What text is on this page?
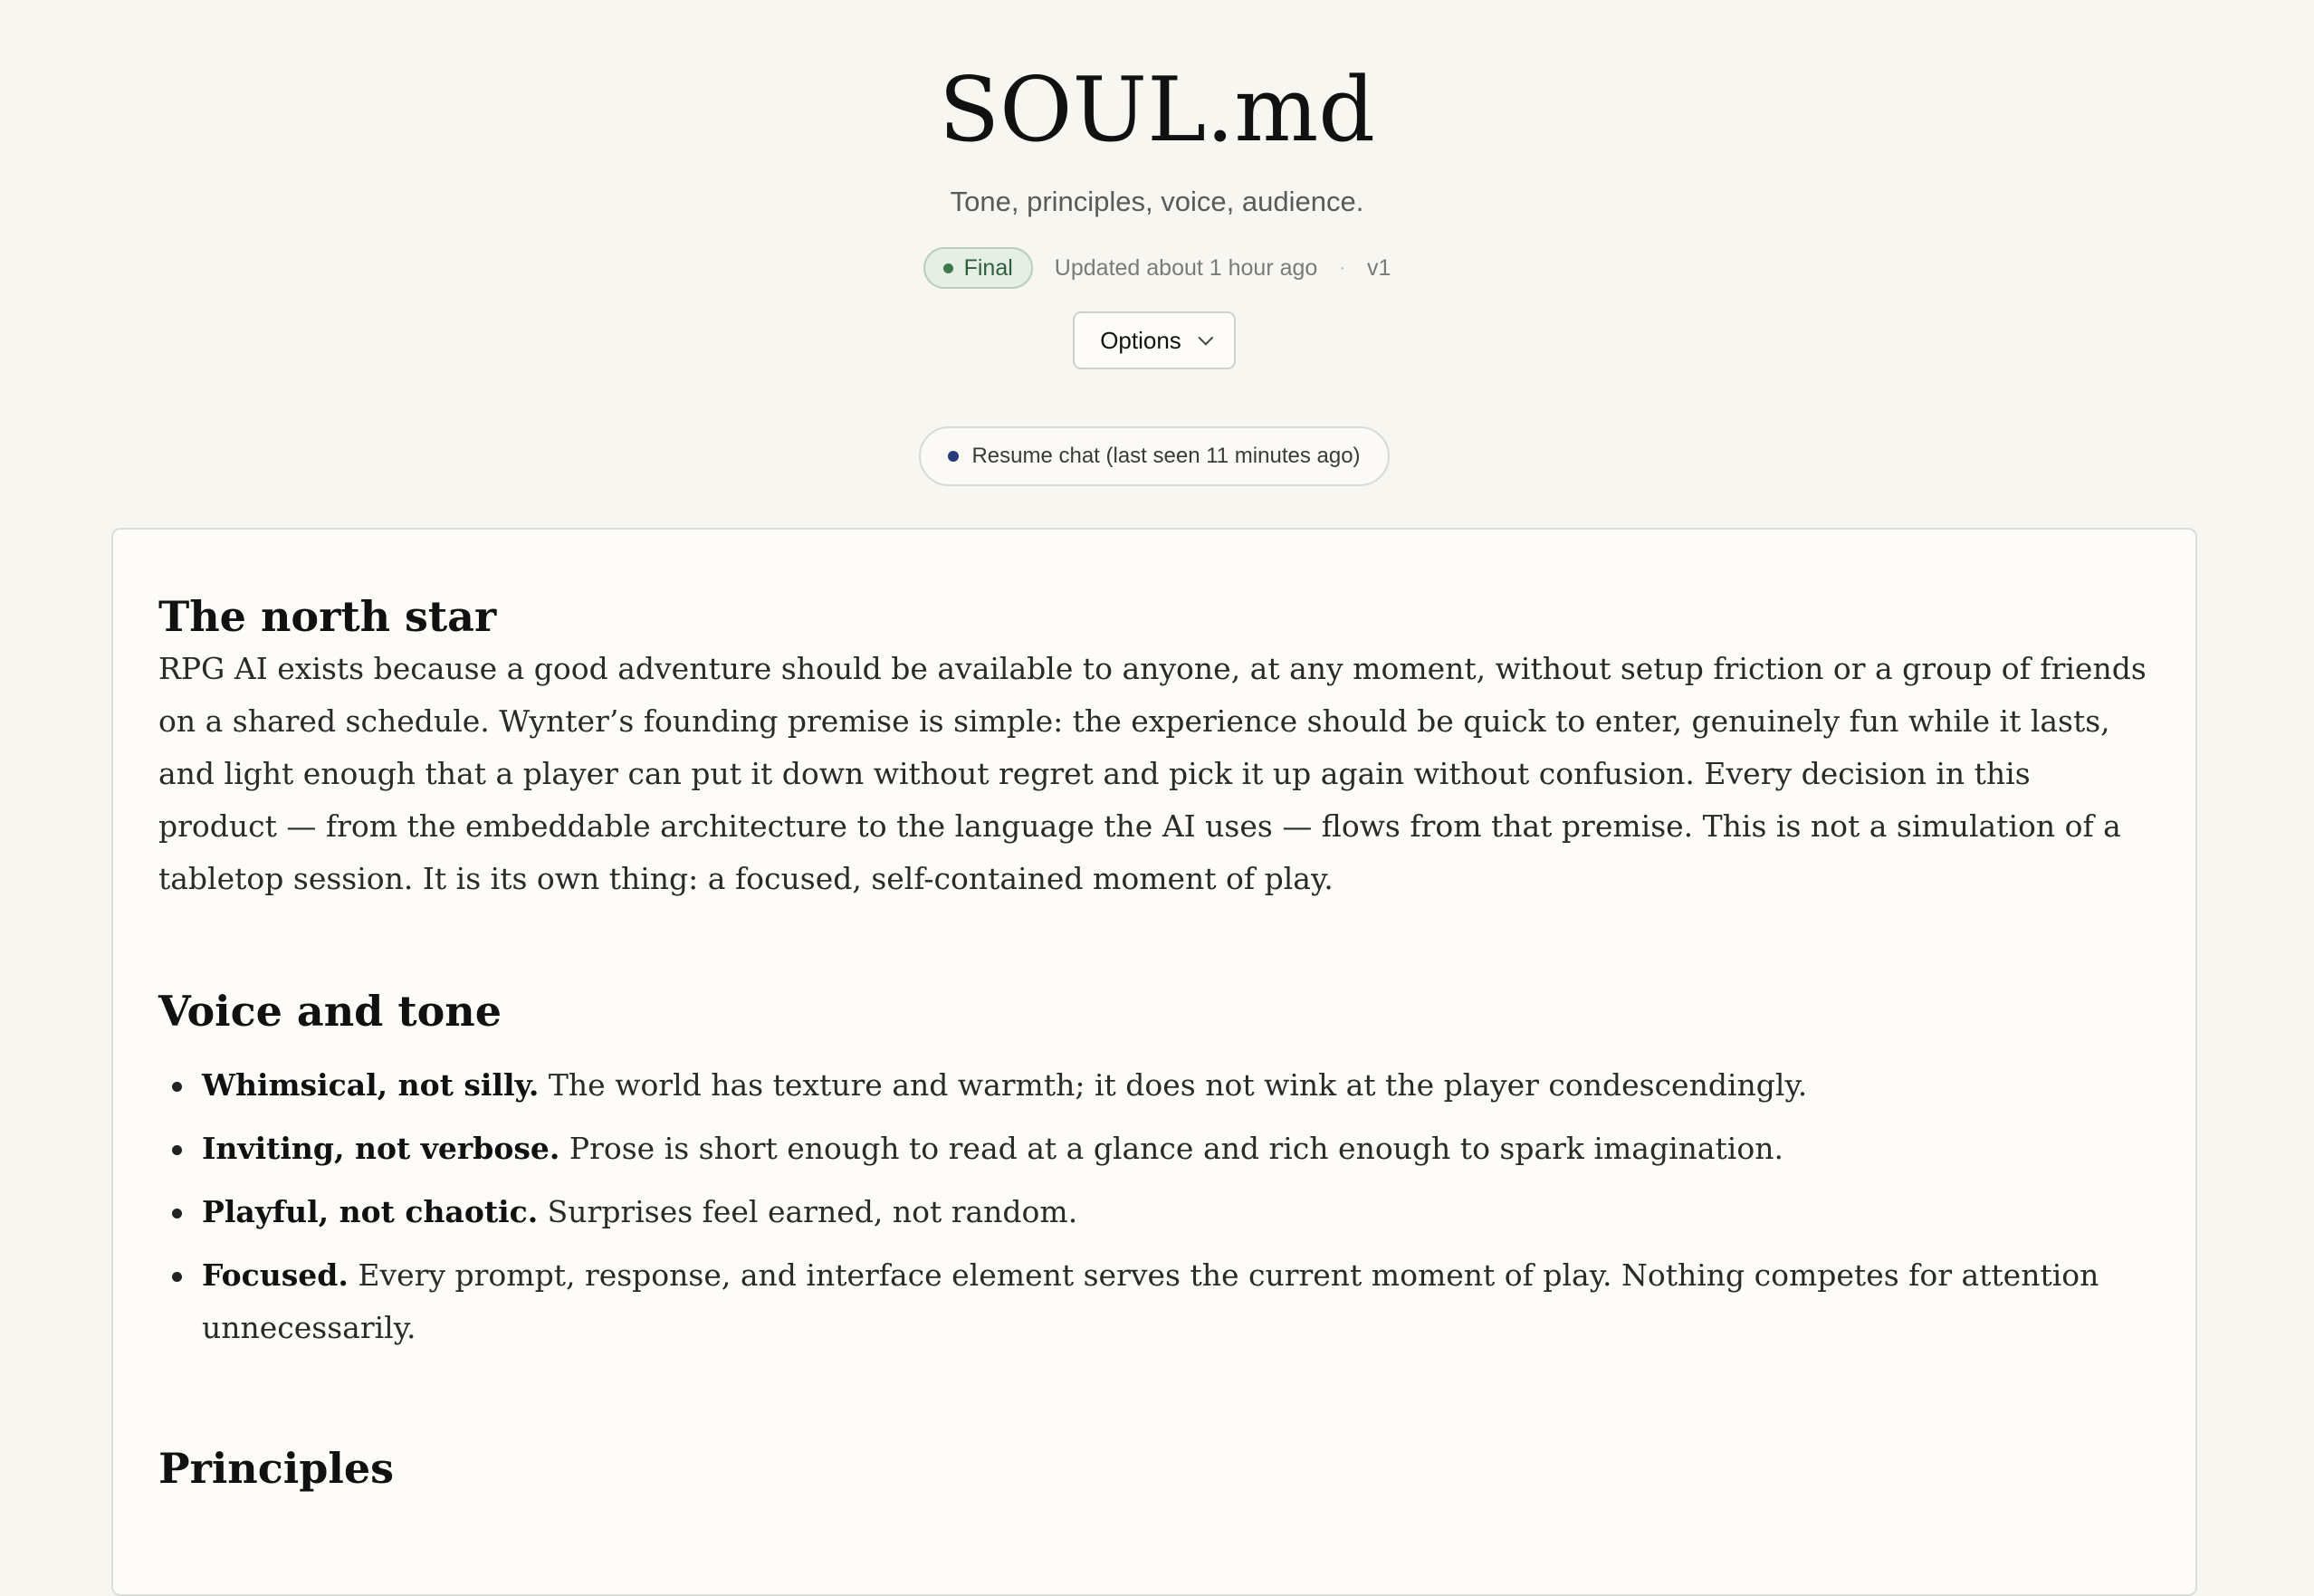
SOUL.md
Tone, principles, voice, audience.
Final Updated about 1 hour ago · v1
Options
Resume chat (last seen 11 minutes ago)
The north star

RPG AI exists because a good adventure should be available to anyone, at any moment, without setup friction or a group of friends on a shared schedule. Wynter’s founding premise is simple: the experience should be quick to enter, genuinely fun while it lasts, and light enough that a player can put it down without regret and pick it up again without confusion. Every decision in this product — from the embeddable architecture to the language the AI uses — flows from that premise. This is not a simulation of a tabletop session. It is its own thing: a focused, self-contained moment of play.

Voice and tone
Whimsical, not silly. The world has texture and warmth; it does not wink at the player condescendingly.
Inviting, not verbose. Prose is short enough to read at a glance and rich enough to spark imagination.
Playful, not chaotic. Surprises feel earned, not random.
Focused. Every prompt, response, and interface element serves the current moment of play. Nothing competes for attention unnecessarily.
Principles
